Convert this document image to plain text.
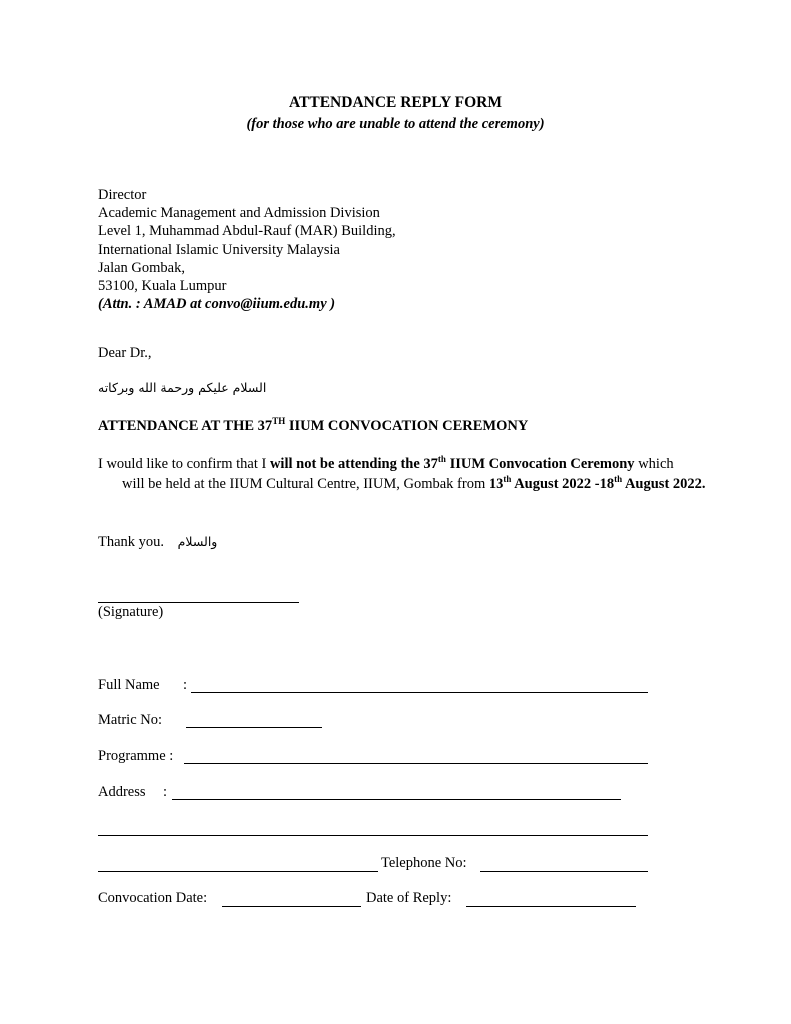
ATTENDANCE REPLY FORM
(for those who are unable to attend the ceremony)
Director
Academic Management and Admission Division
Level 1, Muhammad Abdul-Rauf (MAR) Building,
International Islamic University Malaysia
Jalan Gombak,
53100, Kuala Lumpur
(Attn. : AMAD at convo@iium.edu.my )
Dear Dr.,
السلام عليكم ورحمة الله وبركاته
ATTENDANCE AT THE 37TH IIUM CONVOCATION CEREMONY
I would like to confirm that I will not be attending the 37th IIUM Convocation Ceremony which
will be held at the IIUM Cultural Centre, IIUM, Gombak from 13th August 2022 -18th August 2022.
Thank you. والسلام
(Signature)
Full Name :
Matric No:
Programme :
Address :
Telephone No:
Convocation Date:	Date of Reply:
